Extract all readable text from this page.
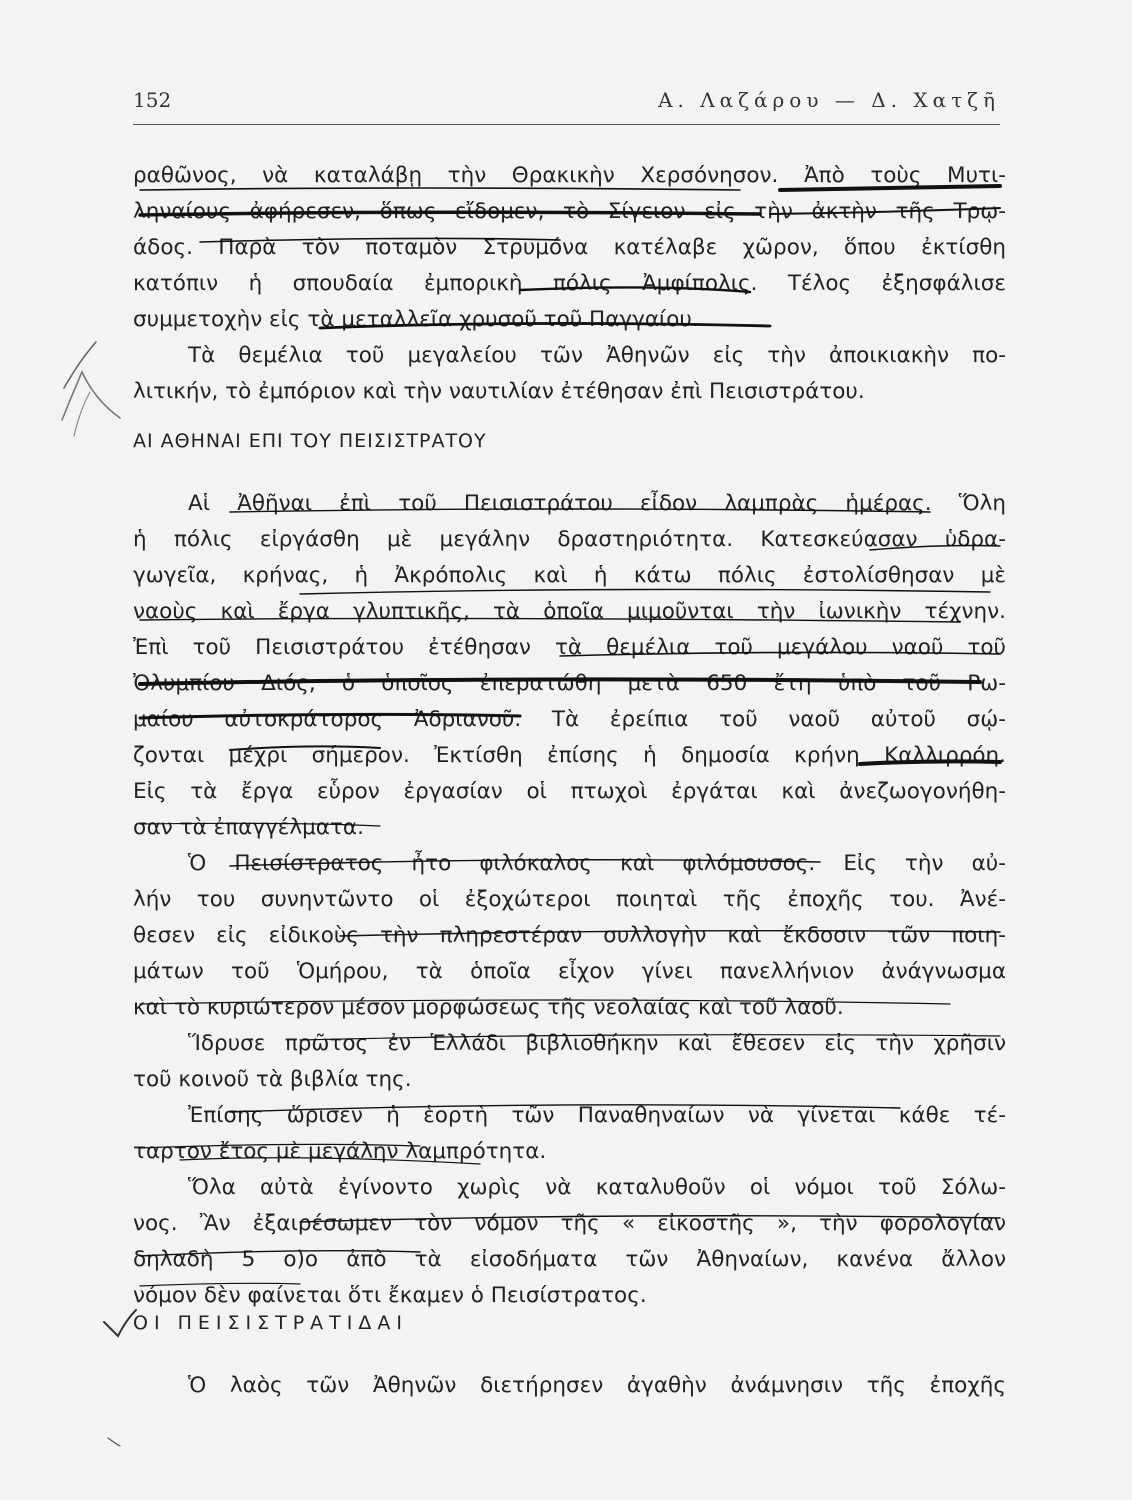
152	Α. Λαζάρου — Δ. Χατζῆ
ραθῶνος, νὰ καταλάβῃ τὴν Θρακικὴν Χερσόνησον. Ἀπὸ τοὺς Μυτι-
ληναίους ἀφήρεσεν, ὅπως εἴδομεν, τὸ Σίγειον εἰς τὴν ἀκτὴν τῆς Τρῳ-
άδος. Παρὰ τὸν ποταμὸν Στρυμόνα κατέλαβε χῶρον, ὅπου ἐκτίσθη
κατόπιν ἡ σπουδαία ἐμπορικὴ πόλις Ἀμφίπολις. Τέλος ἐξησφάλισε
συμμετοχὴν εἰς τὰ μεταλλεῖα χρυσοῦ τοῦ Παγγαίου.
Τὰ θεμέλια τοῦ μεγαλείου τῶν Ἀθηνῶν εἰς τὴν ἀποικιακὴν πο-
λιτικήν, τὸ ἐμπόριον καὶ τὴν ναυτιλίαν ἐτέθησαν ἐπὶ Πεισιστράτου.
ΑΙ ΑΘΗΝΑΙ ΕΠΙ ΤΟΥ ΠΕΙΣΙΣΤΡΑΤΟΥ
Αἱ Ἀθῆναι ἐπὶ τοῦ Πεισιστράτου εἶδον λαμπρὰς ἡμέρας. Ὅλη
ἡ πόλις εἰργάσθη μὲ μεγάλην δραστηριότητα. Κατεσκεύασαν ὑδρα-
γωγεῖα, κρήνας, ἡ Ἀκρόπολις καὶ ἡ κάτω πόλις ἐστολίσθησαν μὲ
ναοὺς καὶ ἔργα γλυπτικῆς, τὰ ὁποῖα μιμοῦνται τὴν ἰωνικὴν τέχνην.
Ἐπὶ τοῦ Πεισιστράτου ἐτέθησαν τὰ θεμέλια τοῦ μεγάλου ναοῦ τοῦ
Ὀλυμπίου Διός, ὁ ὁποῖος ἐπερατώθη μετὰ 650 ἔτη ὑπὸ τοῦ Ρω-
μαίου αὐτοκράτορος Ἀδριανοῦ. Τὰ ἐρείπια τοῦ ναοῦ αὐτοῦ σῴ-
ζονται μέχρι σήμερον. Ἐκτίσθη ἐπίσης ἡ δημοσία κρήνη Καλλιρρόη.
Εἰς τὰ ἔργα εὗρον ἐργασίαν οἱ πτωχοὶ ἐργάται καὶ ἀνεζωογονήθη-
σαν τὰ ἐπαγγέλματα.
Ὁ Πεισίστρατος ἦτο φιλόκαλος καὶ φιλόμουσος. Εἰς τὴν αὐ-
λήν του συνηντῶντο οἱ ἐξοχώτεροι ποιηταὶ τῆς ἐποχῆς του. Ἀνέ-
θεσεν εἰς εἰδικοὺς τὴν πληρεστέραν συλλογὴν καὶ ἔκδοσιν τῶν ποιη-
μάτων τοῦ Ὁμήρου, τὰ ὁποῖα εἶχον γίνει πανελλήνιον ἀνάγνωσμα
καὶ τὸ κυριώτερον μέσον μορφώσεως τῆς νεολαίας καὶ τοῦ λαοῦ.
Ἵδρυσε πρῶτος ἐν Ἑλλάδι βιβλιοθήκην καὶ ἔθεσεν εἰς τὴν χρῆσιν
τοῦ κοινοῦ τὰ βιβλία της.
Ἐπίσης ὥρισεν ἡ ἑορτὴ τῶν Παναθηναίων νὰ γίνεται κάθε τέ-
ταρτον ἔτος μὲ μεγάλην λαμπρότητα.
Ὅλα αὐτὰ ἐγίνοντο χωρὶς νὰ καταλυθοῦν οἱ νόμοι τοῦ Σόλω-
νος. Ἂν ἐξαιρέσωμεν τὸν νόμον τῆς « εἰκοστῆς », τὴν φορολογίαν
δηλαδὴ 5 ο)ο ἀπὸ τὰ εἰσοδήματα τῶν Ἀθηναίων, κανένα ἄλλον
νόμον δὲν φαίνεται ὅτι ἔκαμεν ὁ Πεισίστρατος.
ΟΙ ΠΕΙΣΙΣΤΡΑΤΙΔΑΙ
Ὁ λαὸς τῶν Ἀθηνῶν διετήρησεν ἀγαθὴν ἀνάμνησιν τῆς ἐποχῆς
